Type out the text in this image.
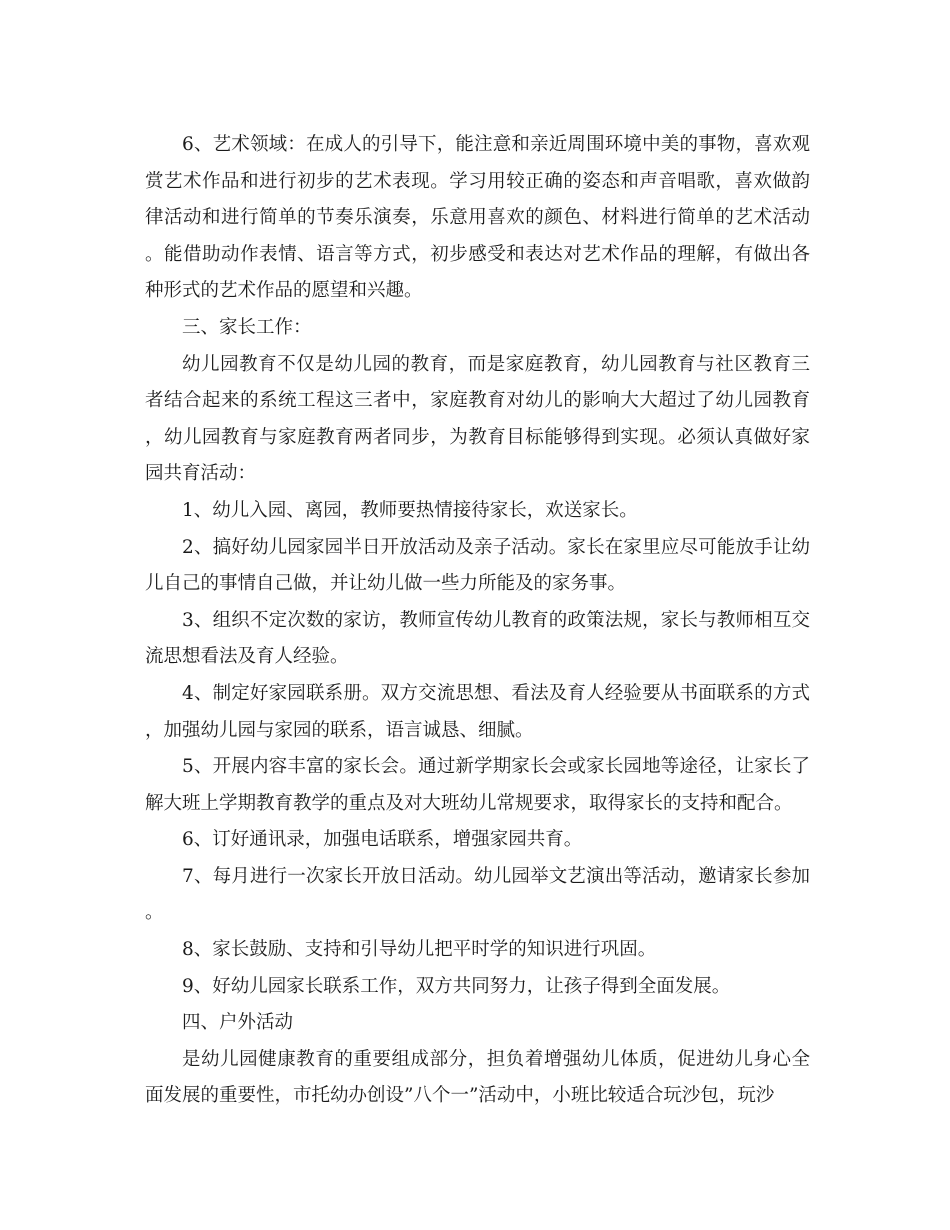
6、艺术领域：在成人的引导下，能注意和亲近周围环境中美的事物，喜欢观赏艺术作品和进行初步的艺术表现。学习用较正确的姿态和声音唱歌，喜欢做韵律活动和进行简单的节奏乐演奏，乐意用喜欢的颜色、材料进行简单的艺术活动。能借助动作表情、语言等方式，初步感受和表达对艺术作品的理解，有做出各种形式的艺术作品的愿望和兴趣。

三、家长工作：

幼儿园教育不仅是幼儿园的教育，而是家庭教育，幼儿园教育与社区教育三者结合起来的系统工程这三者中，家庭教育对幼儿的影响大大超过了幼儿园教育，幼儿园教育与家庭教育两者同步，为教育目标能够得到实现。必须认真做好家园共育活动：

1、幼儿入园、离园，教师要热情接待家长，欢送家长。

2、搞好幼儿园家园半日开放活动及亲子活动。家长在家里应尽可能放手让幼儿自己的事情自己做，并让幼儿做一些力所能及的家务事。

3、组织不定次数的家访，教师宣传幼儿教育的政策法规，家长与教师相互交流思想看法及育人经验。

4、制定好家园联系册。双方交流思想、看法及育人经验要从书面联系的方式，加强幼儿园与家园的联系，语言诚恳、细腻。

5、开展内容丰富的家长会。通过新学期家长会或家长园地等途径，让家长了解大班上学期教育教学的重点及对大班幼儿常规要求，取得家长的支持和配合。

6、订好通讯录，加强电话联系，增强家园共育。

7、每月进行一次家长开放日活动。幼儿园举文艺演出等活动，邀请家长参加。

8、家长鼓励、支持和引导幼儿把平时学的知识进行巩固。

9、好幼儿园家长联系工作，双方共同努力，让孩子得到全面发展。

四、户外活动

是幼儿园健康教育的重要组成部分，担负着增强幼儿体质，促进幼儿身心全面发展的重要性，市托幼办创设”八个一”活动中，小班比较适合玩沙包，玩沙
